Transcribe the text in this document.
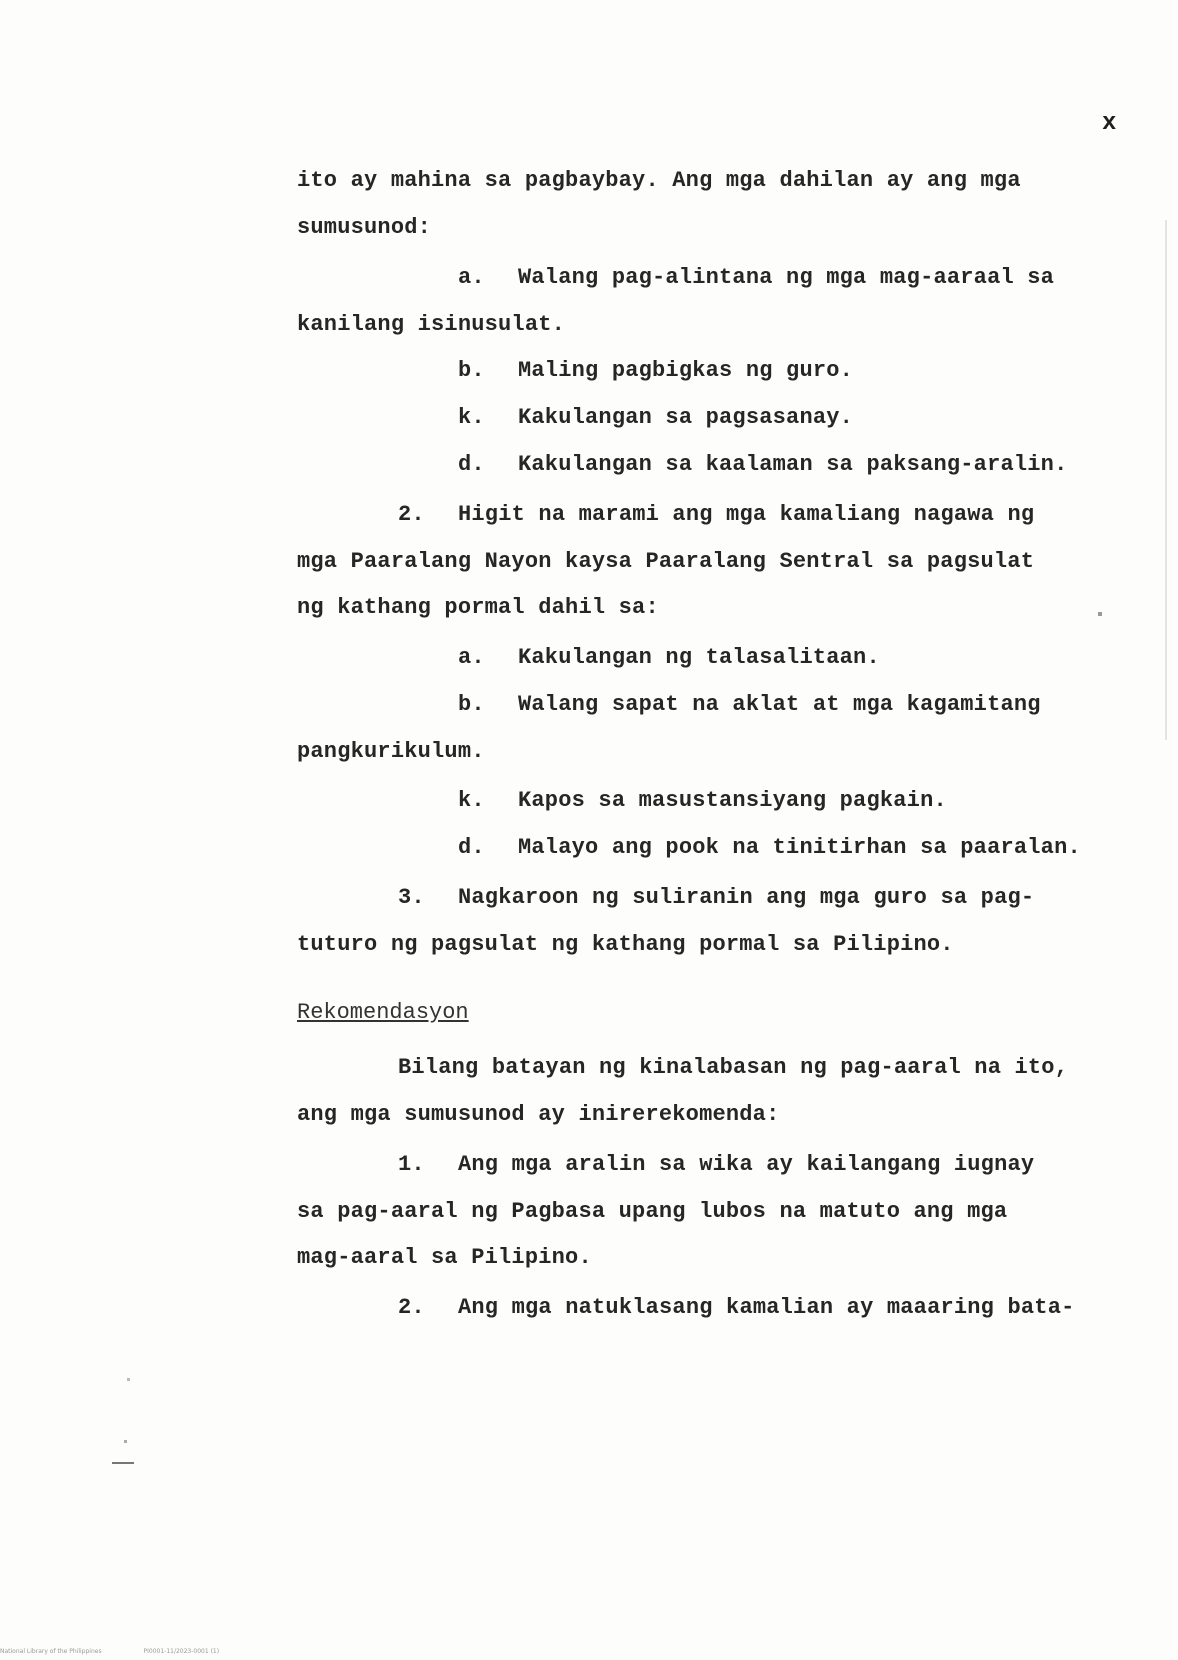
x
ito ay mahina sa pagbaybay. Ang mga dahilan ay ang mga
sumusunod:
a. Walang pag-alintana ng mga mag-aaraal sa
kanilang isinusulat.
b. Maling pagbigkas ng guro.
k. Kakulangan sa pagsasanay.
d. Kakulangan sa kaalaman sa paksang-aralin.
2. Higit na marami ang mga kamaliang nagawa ng
mga Paaralang Nayon kaysa Paaralang Sentral sa pagsulat
ng kathang pormal dahil sa:
a. Kakulangan ng talasalitaan.
b. Walang sapat na aklat at mga kagamitang
pangkurikulum.
k. Kapos sa masustansiyang pagkain.
d. Malayo ang pook na tinitirhan sa paaralan.
3. Nagkaroon ng suliranin ang mga guro sa pag-
tuturo ng pagsulat ng kathang pormal sa Pilipino.
Rekomendasyon
Bilang batayan ng kinalabasan ng pag-aaral na ito,
ang mga sumusunod ay inirerekomenda:
1. Ang mga aralin sa wika ay kailangang iugnay
sa pag-aaral ng Pagbasa upang lubos na matuto ang mga
mag-aaral sa Pilipino.
2. Ang mga natuklasang kamalian ay maaaring bata-
National Library of the Philippines	PI0001-11/2023-0001 (1)
